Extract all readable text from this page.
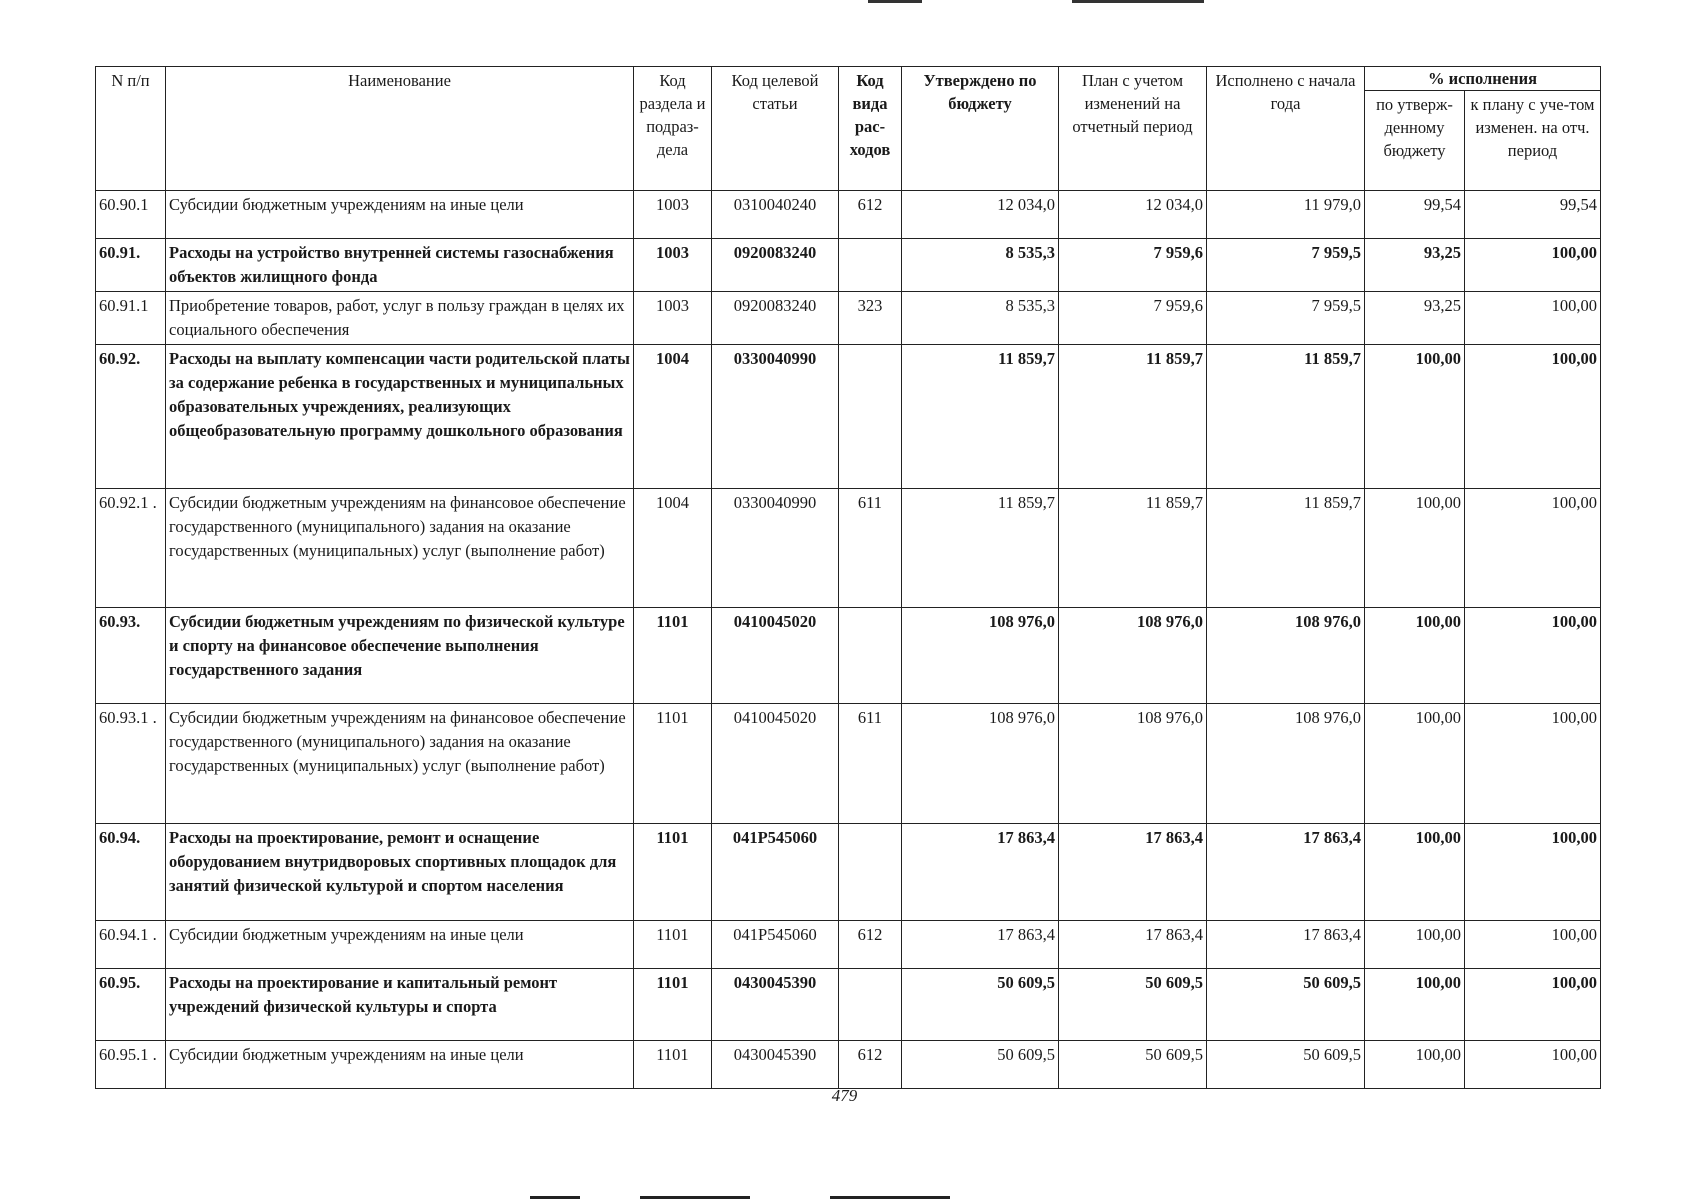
N п/п	Наименование	Код раздела и подраз-дела	Код целевой статьи	Код вида рас-ходов	Утверждено по бюджету	План с учетом изменений на отчетный период	Исполнено с начала года	% исполнения	
								по утверж-денному бюджету	к плану с уче-том изменен. на отч. период
60.90.1	Субсидии бюджетным учреждениям на иные цели	1003	0310040240	612	12 034,0	12 034,0	11 979,0	99,54	99,54
60.91.	Расходы на устройство внутренней системы газоснабжения объектов жилищного фонда	1003	0920083240		8 535,3	7 959,6	7 959,5	93,25	100,00
60.91.1	Приобретение товаров, работ, услуг в пользу граждан в целях их социального обеспечения	1003	0920083240	323	8 535,3	7 959,6	7 959,5	93,25	100,00
60.92.	Расходы на выплату компенсации части родительской платы за содержание ребенка в государственных и муниципальных образовательных учреждениях, реализующих общеобразовательную программу дошкольного образования	1004	0330040990		11 859,7	11 859,7	11 859,7	100,00	100,00
60.92.1 .	Субсидии бюджетным учреждениям на финансовое обеспечение государственного (муниципального) задания на оказание государственных (муниципальных) услуг (выполнение работ)	1004	0330040990	611	11 859,7	11 859,7	11 859,7	100,00	100,00
60.93.	Субсидии бюджетным учреждениям по физической культуре и спорту на финансовое обеспечение выполнения государственного задания	1101	0410045020		108 976,0	108 976,0	108 976,0	100,00	100,00
60.93.1 .	Субсидии бюджетным учреждениям на финансовое обеспечение государственного (муниципального) задания на оказание государственных (муниципальных) услуг (выполнение работ)	1101	0410045020	611	108 976,0	108 976,0	108 976,0	100,00	100,00
60.94.	Расходы на проектирование, ремонт и оснащение оборудованием внутридворовых спортивных площадок для занятий физической культурой и спортом населения	1101	041P545060		17 863,4	17 863,4	17 863,4	100,00	100,00
60.94.1 .	Субсидии бюджетным учреждениям на иные цели	1101	041P545060	612	17 863,4	17 863,4	17 863,4	100,00	100,00
60.95.	Расходы на проектирование и капитальный ремонт учреждений физической культуры и спорта	1101	0430045390		50 609,5	50 609,5	50 609,5	100,00	100,00
60.95.1 .	Субсидии бюджетным учреждениям на иные цели	1101	0430045390	612	50 609,5	50 609,5	50 609,5	100,00	100,00
479
